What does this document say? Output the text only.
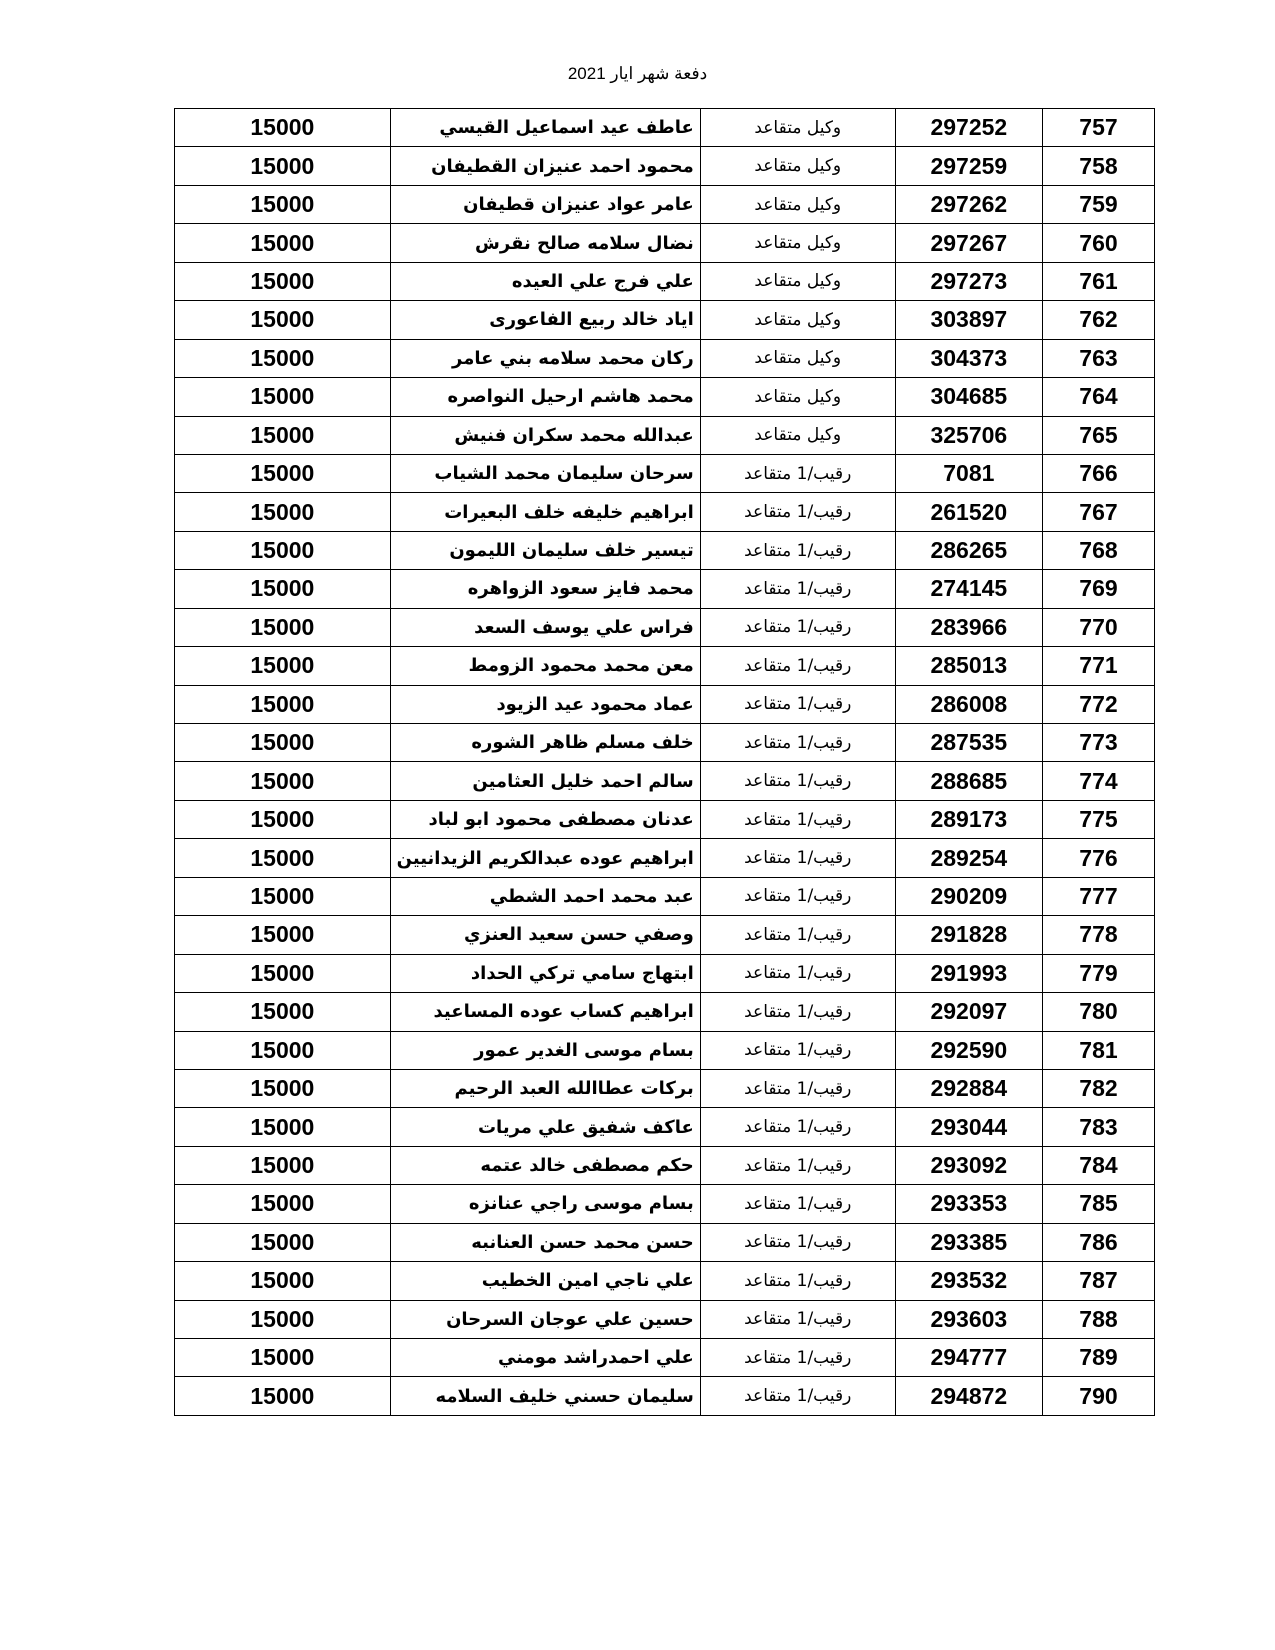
دفعة شهر ايار 2021
15000	عاطف عيد اسماعيل القيسي	وكيل متقاعد	297252	757
15000	محمود احمد عنيزان القطيفان	وكيل متقاعد	297259	758
15000	عامر عواد عنيزان قطيفان	وكيل متقاعد	297262	759
15000	نضال سلامه صالح نقرش	وكيل متقاعد	297267	760
15000	علي فرج علي العيده	وكيل متقاعد	297273	761
15000	اياد خالد ربيع الفاعورى	وكيل متقاعد	303897	762
15000	ركان محمد سلامه بني عامر	وكيل متقاعد	304373	763
15000	محمد هاشم ارحيل النواصره	وكيل متقاعد	304685	764
15000	عبدالله محمد سكران فنيش	وكيل متقاعد	325706	765
15000	سرحان سليمان محمد الشياب	رقيب/1 متقاعد	7081	766
15000	ابراهيم خليفه خلف البعيرات	رقيب/1 متقاعد	261520	767
15000	تيسير خلف سليمان الليمون	رقيب/1 متقاعد	286265	768
15000	محمد فايز سعود الزواهره	رقيب/1 متقاعد	274145	769
15000	فراس علي يوسف السعد	رقيب/1 متقاعد	283966	770
15000	معن محمد محمود الزومط	رقيب/1 متقاعد	285013	771
15000	عماد محمود عيد الزيود	رقيب/1 متقاعد	286008	772
15000	خلف مسلم ظاهر الشوره	رقيب/1 متقاعد	287535	773
15000	سالم احمد خليل العثامين	رقيب/1 متقاعد	288685	774
15000	عدنان مصطفى محمود ابو لباد	رقيب/1 متقاعد	289173	775
15000	ابراهيم عوده عبدالكريم الزيدانيين	رقيب/1 متقاعد	289254	776
15000	عبد محمد احمد الشطي	رقيب/1 متقاعد	290209	777
15000	وصفي حسن سعيد العنزي	رقيب/1 متقاعد	291828	778
15000	ابتهاج سامي تركي الحداد	رقيب/1 متقاعد	291993	779
15000	ابراهيم كساب عوده المساعيد	رقيب/1 متقاعد	292097	780
15000	بسام موسى الغدير عمور	رقيب/1 متقاعد	292590	781
15000	بركات عطاالله العبد الرحيم	رقيب/1 متقاعد	292884	782
15000	عاكف شفيق علي مريات	رقيب/1 متقاعد	293044	783
15000	حكم مصطفى خالد عتمه	رقيب/1 متقاعد	293092	784
15000	بسام موسى راجي عنانزه	رقيب/1 متقاعد	293353	785
15000	حسن محمد حسن العنانبه	رقيب/1 متقاعد	293385	786
15000	علي ناجي امين الخطيب	رقيب/1 متقاعد	293532	787
15000	حسين علي عوجان السرحان	رقيب/1 متقاعد	293603	788
15000	علي احمدراشد مومني	رقيب/1 متقاعد	294777	789
15000	سليمان حسني خليف السلامه	رقيب/1 متقاعد	294872	790
